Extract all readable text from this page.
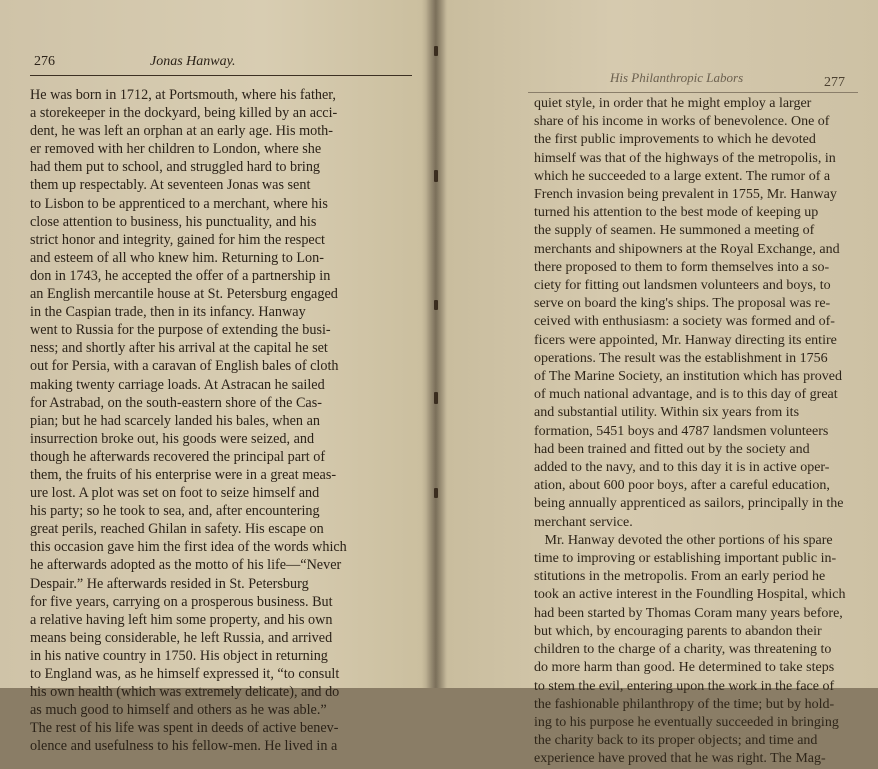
276	Jonas Hanway.
He was born in 1712, at Portsmouth, where his father,
a storekeeper in the dockyard, being killed by an acci-
dent, he was left an orphan at an early age. His moth-
er removed with her children to London, where she
had them put to school, and struggled hard to bring
them up respectably. At seventeen Jonas was sent
to Lisbon to be apprenticed to a merchant, where his
close attention to business, his punctuality, and his
strict honor and integrity, gained for him the respect
and esteem of all who knew him. Returning to Lon-
don in 1743, he accepted the offer of a partnership in
an English mercantile house at St. Petersburg engaged
in the Caspian trade, then in its infancy. Hanway
went to Russia for the purpose of extending the busi-
ness; and shortly after his arrival at the capital he set
out for Persia, with a caravan of English bales of cloth
making twenty carriage loads. At Astracan he sailed
for Astrabad, on the south-eastern shore of the Cas-
pian; but he had scarcely landed his bales, when an
insurrection broke out, his goods were seized, and
though he afterwards recovered the principal part of
them, the fruits of his enterprise were in a great meas-
ure lost. A plot was set on foot to seize himself and
his party; so he took to sea, and, after encountering
great perils, reached Ghilan in safety. His escape on
this occasion gave him the first idea of the words which
he afterwards adopted as the motto of his life—“Never
Despair.” He afterwards resided in St. Petersburg
for five years, carrying on a prosperous business. But
a relative having left him some property, and his own
means being considerable, he left Russia, and arrived
in his native country in 1750. His object in returning
to England was, as he himself expressed it, “to consult
his own health (which was extremely delicate), and do
as much good to himself and others as he was able.”
The rest of his life was spent in deeds of active benev-
olence and usefulness to his fellow-men. He lived in a
His Philanthropic Labors	277
quiet style, in order that he might employ a larger
share of his income in works of benevolence. One of
the first public improvements to which he devoted
himself was that of the highways of the metropolis, in
which he succeeded to a large extent. The rumor of a
French invasion being prevalent in 1755, Mr. Hanway
turned his attention to the best mode of keeping up
the supply of seamen. He summoned a meeting of
merchants and shipowners at the Royal Exchange, and
there proposed to them to form themselves into a so-
ciety for fitting out landsmen volunteers and boys, to
serve on board the king's ships. The proposal was re-
ceived with enthusiasm: a society was formed and of-
ficers were appointed, Mr. Hanway directing its entire
operations. The result was the establishment in 1756
of The Marine Society, an institution which has proved
of much national advantage, and is to this day of great
and substantial utility. Within six years from its
formation, 5451 boys and 4787 landsmen volunteers
had been trained and fitted out by the society and
added to the navy, and to this day it is in active oper-
ation, about 600 poor boys, after a careful education,
being annually apprenticed as sailors, principally in the
merchant service.
Mr. Hanway devoted the other portions of his spare
time to improving or establishing important public in-
stitutions in the metropolis. From an early period he
took an active interest in the Foundling Hospital, which
had been started by Thomas Coram many years before,
but which, by encouraging parents to abandon their
children to the charge of a charity, was threatening to
do more harm than good. He determined to take steps
to stem the evil, entering upon the work in the face of
the fashionable philanthropy of the time; but by hold-
ing to his purpose he eventually succeeded in bringing
the charity back to its proper objects; and time and
experience have proved that he was right. The Mag-
